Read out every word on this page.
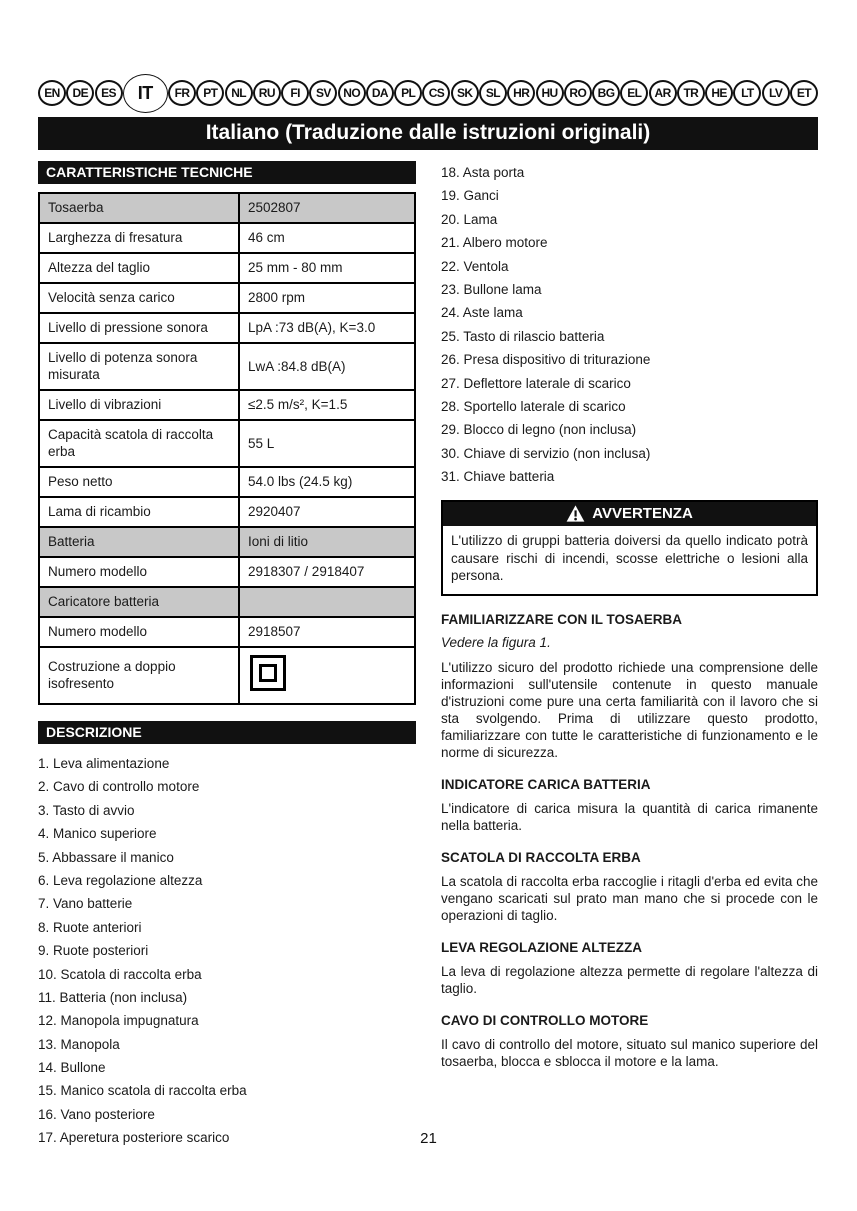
EN	DE	ES	IT	FR	PT	NL	RU	FI	SV	NO DA	PL	CS	SK	SL	HR	HU RO BG	EL	AR	TR	HE	LT	LV	ET
Italiano (Traduzione dalle istruzioni originali)
CARATTERISTICHE TECNICHE
Tosaerba	2502807
Larghezza di fresatura	46 cm
Altezza del taglio	25 mm - 80 mm
Velocità senza carico	2800 rpm
Livello di pressione sonora	LpA :73 dB(A), K=3.0
Livello di potenza sonora misurata	LwA :84.8 dB(A)
Livello di vibrazioni	≤2.5 m/s², K=1.5
Capacità scatola di raccolta erba	55 L
Peso netto	54.0 lbs (24.5 kg)
Lama di ricambio	2920407
Batteria	Ioni di litio
Numero modello	2918307 / 2918407
Caricatore batteria	
Numero modello	2918507
Costruzione a doppio isofresento	
DESCRIZIONE
1. Leva alimentazione
2. Cavo di controllo motore
3. Tasto di avvio
4. Manico superiore
5. Abbassare il manico
6. Leva regolazione altezza
7. Vano batterie
8. Ruote anteriori
9. Ruote posteriori
10. Scatola di raccolta erba
11. Batteria (non inclusa)
12. Manopola impugnatura
13. Manopola
14. Bullone
15. Manico scatola di raccolta erba
16. Vano posteriore
17. Aperetura posteriore scarico
18. Asta porta
19. Ganci
20. Lama
21. Albero motore
22. Ventola
23. Bullone lama
24. Aste lama
25. Tasto di rilascio batteria
26. Presa dispositivo di triturazione
27. Deflettore laterale di scarico
28. Sportello laterale di scarico
29. Blocco di legno (non inclusa)
30. Chiave di servizio (non inclusa)
31. Chiave batteria
AVVERTENZA
L'utilizzo di gruppi batteria doiversi da quello indicato potrà causare rischi di incendi, scosse elettriche o lesioni alla persona.
FAMILIARIZZARE CON IL TOSAERBA

Vedere la figura 1.

L'utilizzo sicuro del prodotto richiede una comprensione delle informazioni sull'utensile contenute in questo manuale d'istruzioni come pure una certa familiarità con il lavoro che si sta svolgendo. Prima di utilizzare questo prodotto, familiarizzare con tutte le caratteristiche di funzionamento e le norme di sicurezza.

INDICATORE CARICA BATTERIA

L'indicatore di carica misura la quantità di carica rimanente nella batteria.

SCATOLA DI RACCOLTA ERBA

La scatola di raccolta erba raccoglie i ritagli d'erba ed evita che vengano scaricati sul prato man mano che si procede con le operazioni di taglio.

LEVA REGOLAZIONE ALTEZZA

La leva di regolazione altezza permette di regolare l'altezza di taglio.

CAVO DI CONTROLLO MOTORE

Il cavo di controllo del motore, situato sul manico superiore del tosaerba, blocca e sblocca il motore e la lama.

21
